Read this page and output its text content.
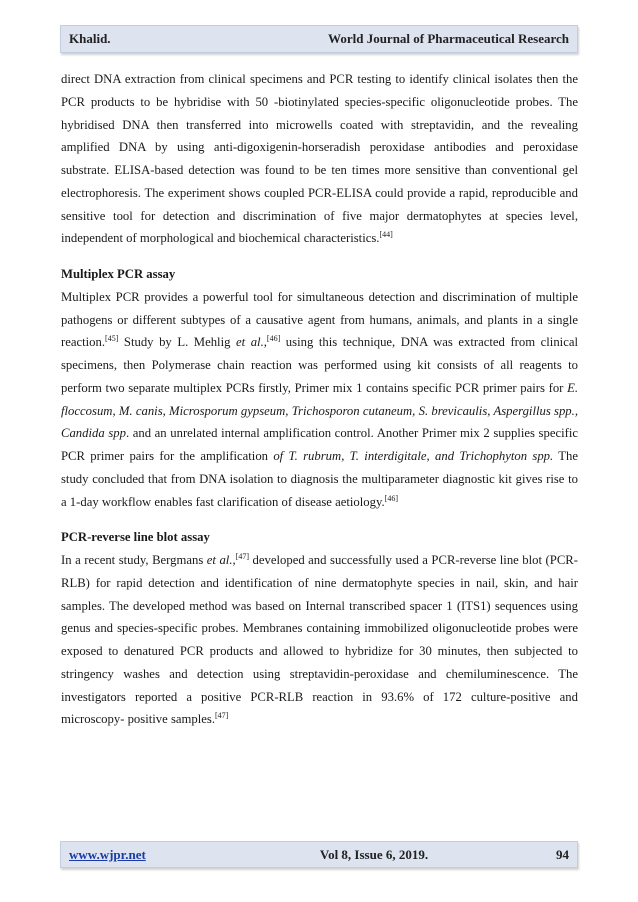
Khalid.	World Journal of Pharmaceutical Research

direct DNA extraction from clinical specimens and PCR testing to identify clinical isolates then the PCR products to be hybridise with 50 -biotinylated species-specific oligonucleotide probes. The hybridised DNA then transferred into microwells coated with streptavidin, and the revealing amplified DNA by using anti-digoxigenin-horseradish peroxidase antibodies and peroxidase substrate. ELISA-based detection was found to be ten times more sensitive than conventional gel electrophoresis. The experiment shows coupled PCR-ELISA could provide a rapid, reproducible and sensitive tool for detection and discrimination of five major dermatophytes at species level, independent of morphological and biochemical characteristics.[44]

Multiplex PCR assay

Multiplex PCR provides a powerful tool for simultaneous detection and discrimination of multiple pathogens or different subtypes of a causative agent from humans, animals, and plants in a single reaction.[45] Study by L. Mehlig et al.,[46] using this technique, DNA was extracted from clinical specimens, then Polymerase chain reaction was performed using kit consists of all reagents to perform two separate multiplex PCRs firstly, Primer mix 1 contains specific PCR primer pairs for E. floccosum, M. canis, Microsporum gypseum, Trichosporon cutaneum, S. brevicaulis, Aspergillus spp., Candida spp. and an unrelated internal amplification control. Another Primer mix 2 supplies specific PCR primer pairs for the amplification of T. rubrum, T. interdigitale, and Trichophyton spp. The study concluded that from DNA isolation to diagnosis the multiparameter diagnostic kit gives rise to a 1-day workflow enables fast clarification of disease aetiology.[46]

PCR-reverse line blot assay

In a recent study, Bergmans et al.,[47] developed and successfully used a PCR-reverse line blot (PCR-RLB) for rapid detection and identification of nine dermatophyte species in nail, skin, and hair samples. The developed method was based on Internal transcribed spacer 1 (ITS1) sequences using genus and species-specific probes. Membranes containing immobilized oligonucleotide probes were exposed to denatured PCR products and allowed to hybridize for 30 minutes, then subjected to stringency washes and detection using streptavidin-peroxidase and chemiluminescence. The investigators reported a positive PCR-RLB reaction in 93.6% of 172 culture-positive and microscopy- positive samples.[47]

www.wjpr.net	Vol 8, Issue 6, 2019.	94
